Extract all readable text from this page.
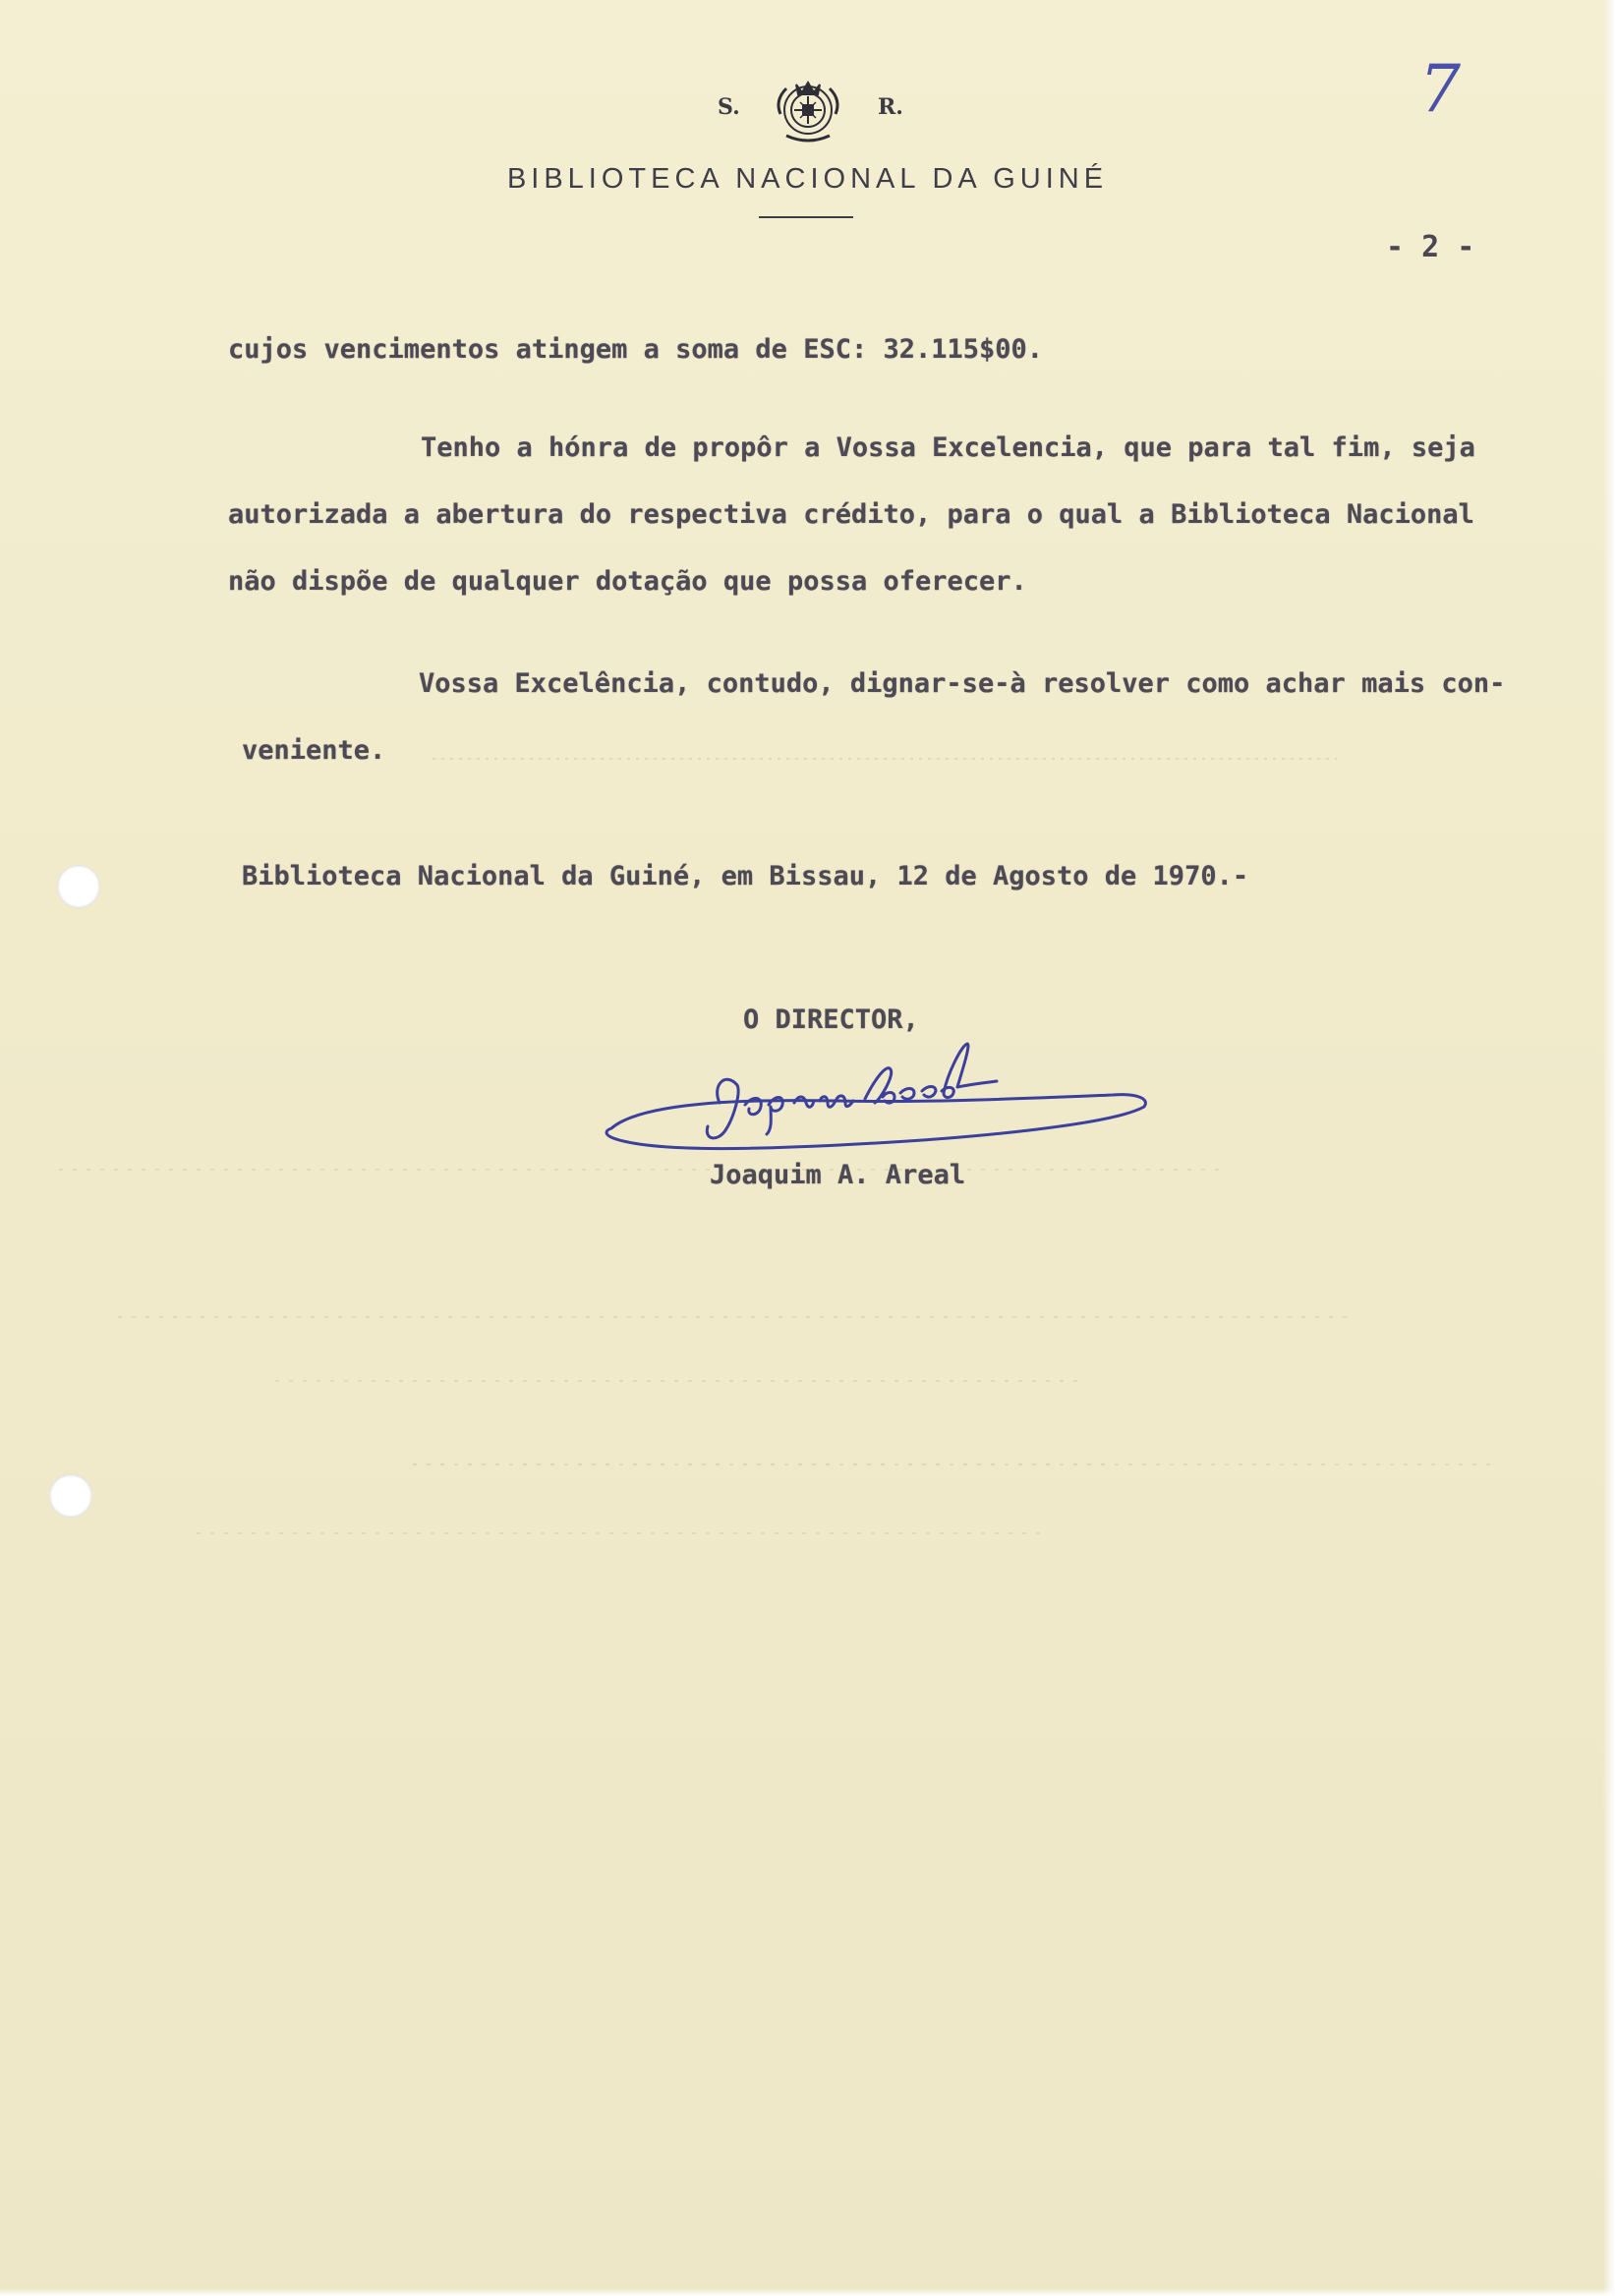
S.	R.
BIBLIOTECA NACIONAL DA GUINÉ
7
- 2 -
cujos vencimentos atingem a soma de ESC: 32.115$00.
Tenho a hónra de propôr a Vossa Excelencia, que para tal fim, seja
autorizada a abertura do respectiva crédito, para o qual a Biblioteca Nacional
não dispõe de qualquer dotação que possa oferecer.
Vossa Excelência, contudo, dignar-se-à resolver como achar mais con-
veniente.
Biblioteca Nacional da Guiné, em Bissau, 12 de Agosto de 1970.-
O DIRECTOR,
Joaquim A. Areal
